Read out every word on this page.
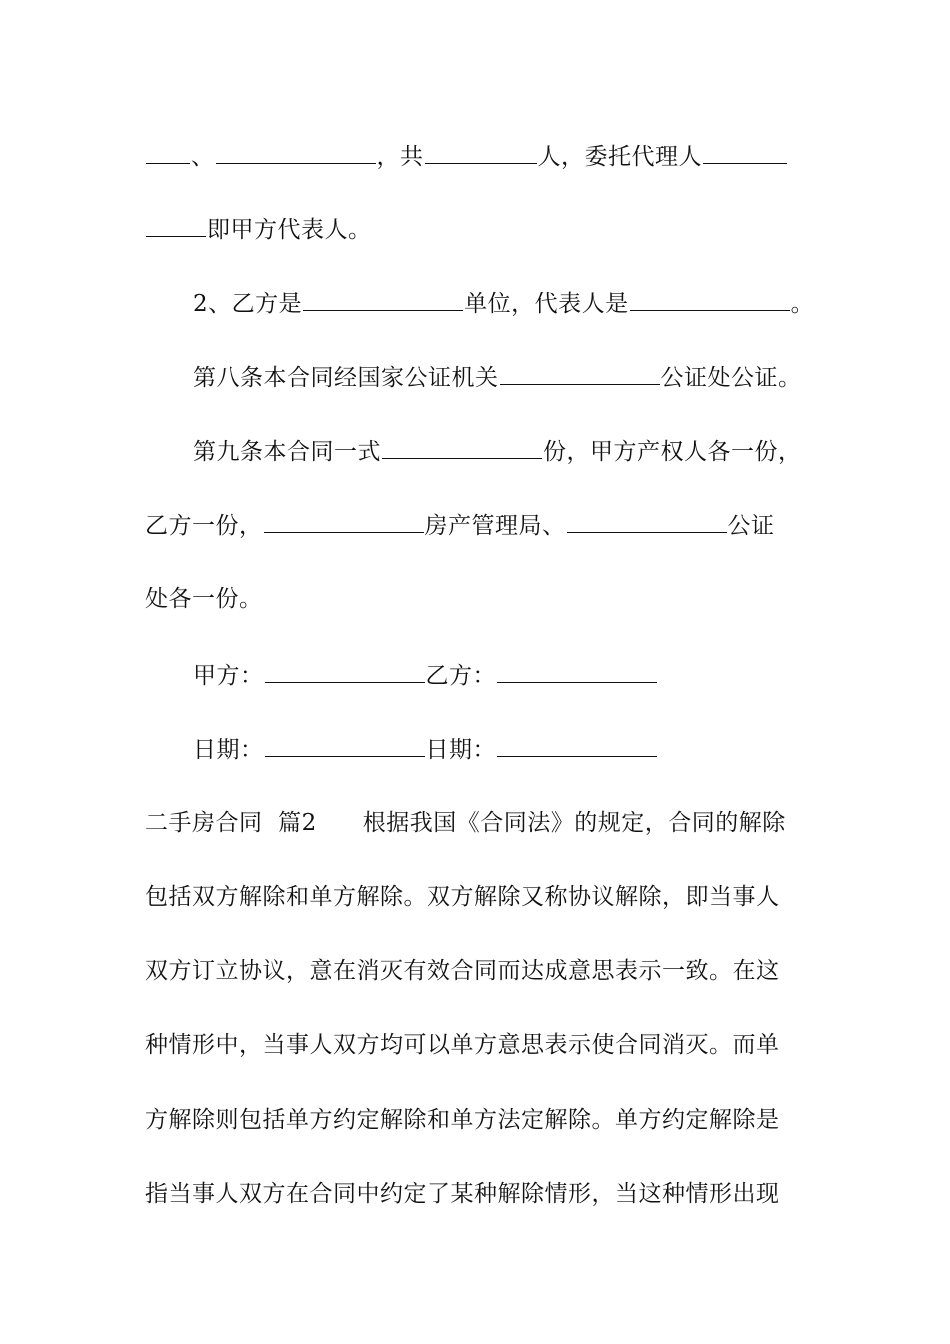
、	，共	人，委托代理人
即甲方代表人。
2、乙方是	单位，代表人是	。
第八条本合同经国家公证机关	公证处公证。
第九条本合同一式	份，甲方产权人各一份，
乙方一份，	房产管理局、	公证
处各一份。
甲方：	乙方：
日期：	日期：
二手房合同  篇2 根据我国《合同法》的规定，合同的解除
包括双方解除和单方解除。双方解除又称协议解除，即当事人
双方订立协议，意在消灭有效合同而达成意思表示一致。在这
种情形中，当事人双方均可以单方意思表示使合同消灭。而单
方解除则包括单方约定解除和单方法定解除。单方约定解除是
指当事人双方在合同中约定了某种解除情形，当这种情形出现
